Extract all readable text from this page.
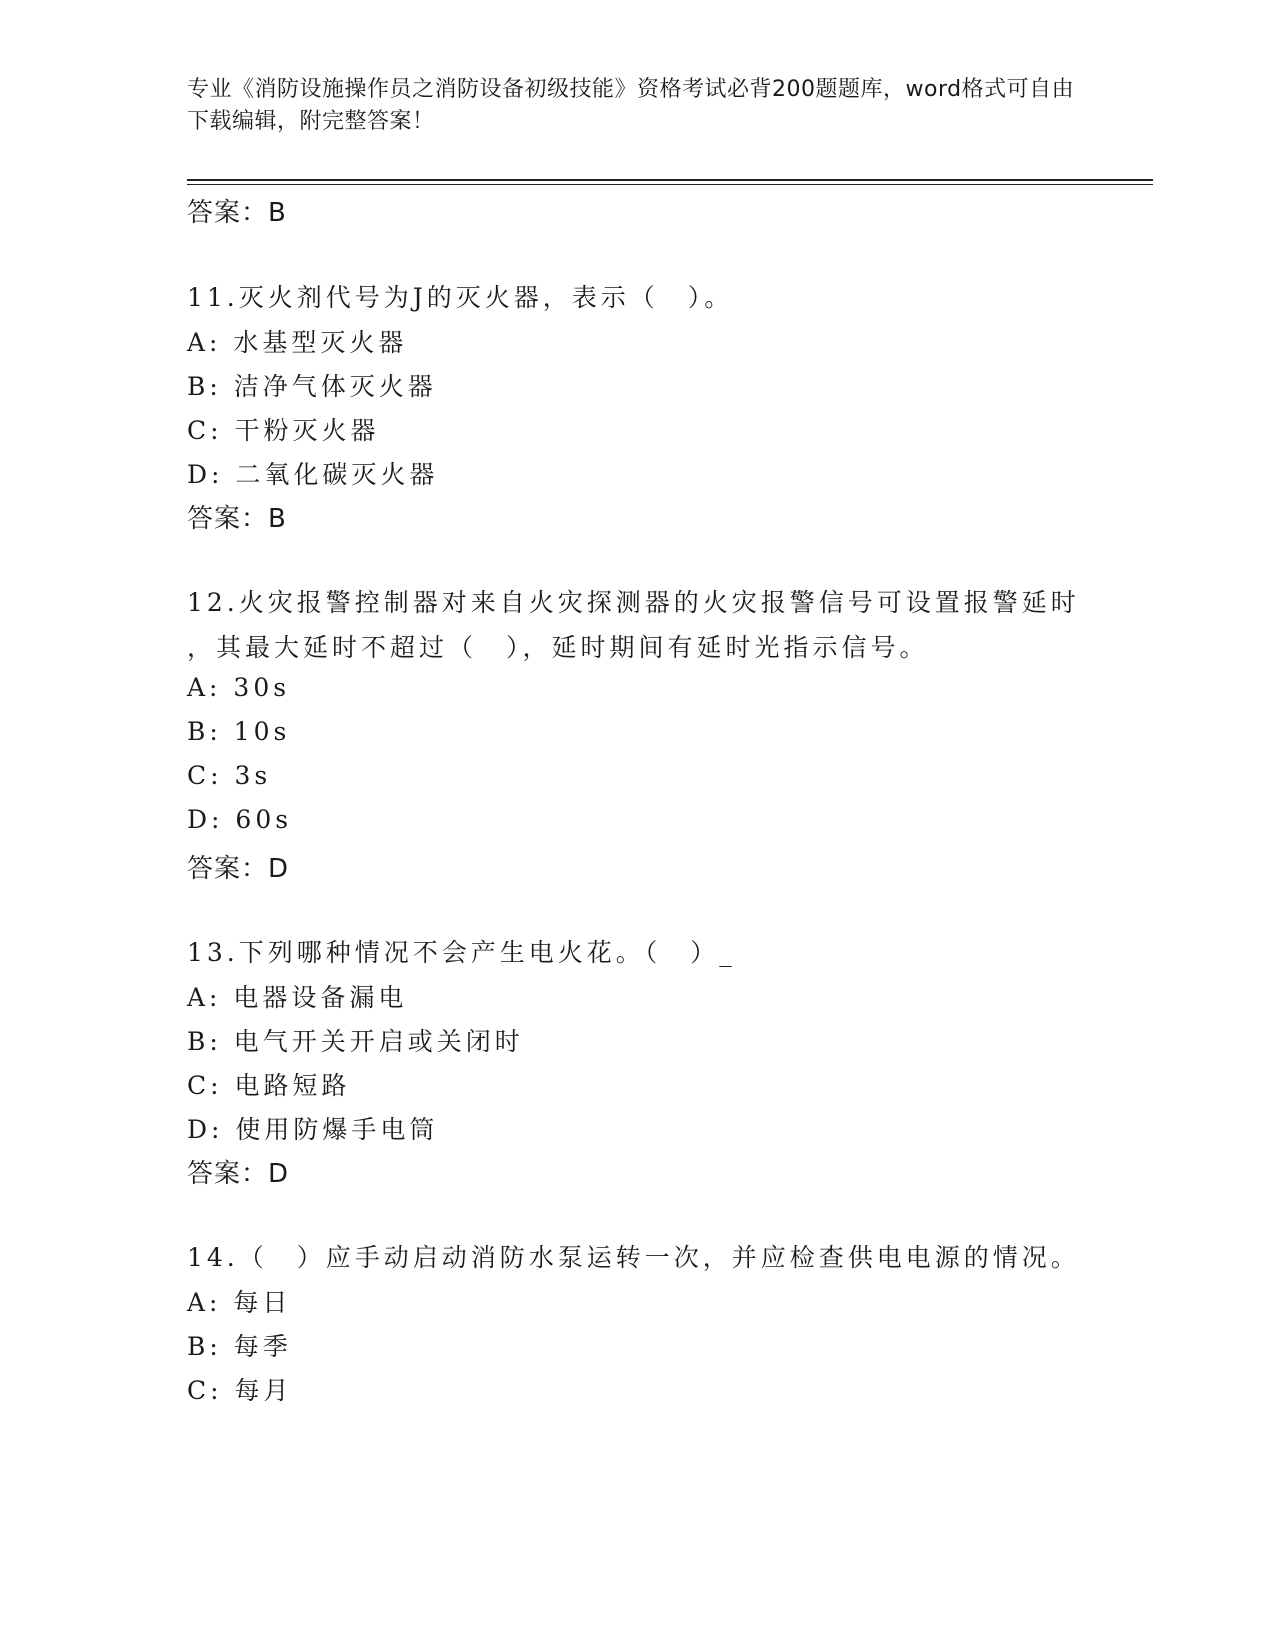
专业《消防设施操作员之消防设备初级技能》资格考试必背200题题库，word格式可自由下载编辑，附完整答案！
答案：B
11.灭火剂代号为J的灭火器，表示（　）。
A: 水基型灭火器
B: 洁净气体灭火器
C: 干粉灭火器
D: 二氧化碳灭火器
答案：B
12.火灾报警控制器对来自火灾探测器的火灾报警信号可设置报警延时
，其最大延时不超过（　），延时期间有延时光指示信号。
A: 30s
B: 10s
C: 3s
D: 60s
答案：D
13.下列哪种情况不会产生电火花。（　）_
A: 电器设备漏电
B: 电气开关开启或关闭时
C: 电路短路
D: 使用防爆手电筒
答案：D
14.（　）应手动启动消防水泵运转一次，并应检查供电电源的情况。
A: 每日
B: 每季
C: 每月
